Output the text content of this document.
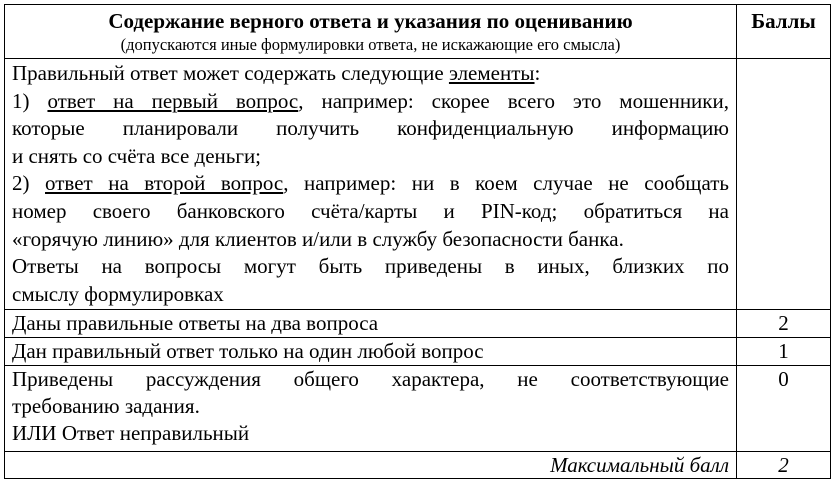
Содержание верного ответа и указания по оцениванию
(допускаются иные формулировки ответа, не искажающие его смысла)	Баллы

Правильный ответ может содержать следующие элементы:
1) ответ на первый вопрос, например: скорее всего это мошенники,
которые планировали получить конфиденциальную информацию
и снять со счёта все деньги;
2) ответ на второй вопрос, например: ни в коем случае не сообщать
номер своего банковского счёта/карты и PIN-код; обратиться на
«горячую линию» для клиентов и/или в службу безопасности банка.
Ответы на вопросы могут быть приведены в иных, близких по
смыслу формулировках

Даны правильные ответы на два вопроса	2
Дан правильный ответ только на один любой вопрос	1

Приведены рассуждения общего характера, не соответствующие
требованию задания.
ИЛИ Ответ неправильный	0
Максимальный балл	2
